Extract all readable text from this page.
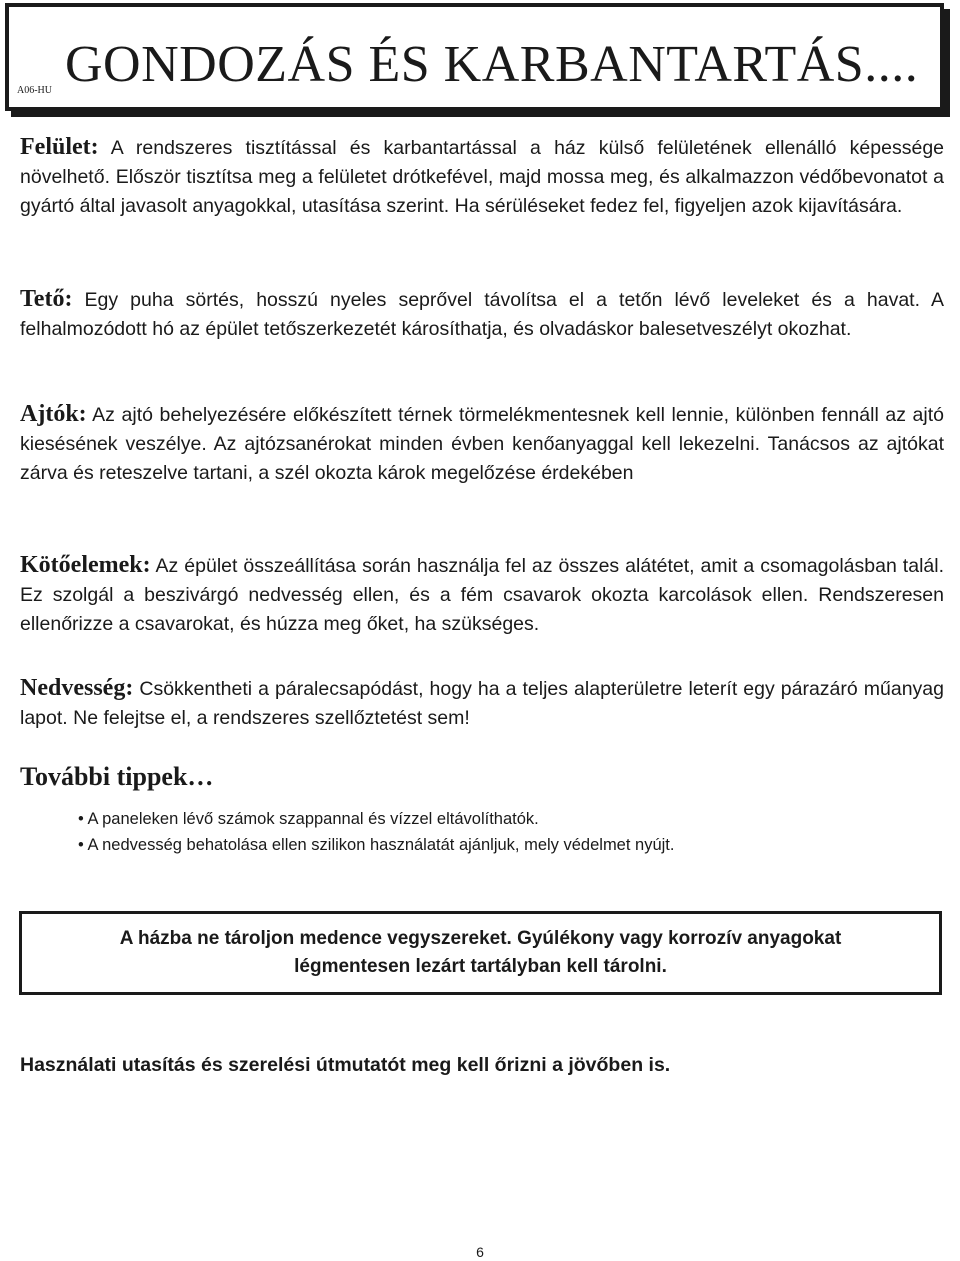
A06-HU GONDOZÁS ÉS KARBANTARTÁS....

Felület: A rendszeres tisztítással és karbantartással a ház külső felületének ellenálló képessége növelhető. Először tisztítsa meg a felületet drótkefével, majd mossa meg, és alkalmazzon védőbevonatot a gyártó által javasolt anyagokkal, utasítása szerint. Ha sérüléseket fedez fel, figyeljen azok kijavítására.

Tető: Egy puha sörtés, hosszú nyeles seprővel távolítsa el a tetőn lévő leveleket és a havat. A felhalmozódott hó az épület tetőszerkezetét károsíthatja, és olvadáskor balesetveszélyt okozhat.

Ajtók: Az ajtó behelyezésére előkészített térnek törmelékmentesnek kell lennie, különben fennáll az ajtó kiesésének veszélye. Az ajtózsanérokat minden évben kenőanyaggal kell lekezelni. Tanácsos az ajtókat zárva és reteszelve tartani, a szél okozta károk megelőzése érdekében

Kötőelemek: Az épület összeállítása során használja fel az összes alátétet, amit a csomagolásban talál. Ez szolgál a beszivárgó nedvesség ellen, és a fém csavarok okozta karcolások ellen. Rendszeresen ellenőrizze a csavarokat, és húzza meg őket, ha szükséges.

Nedvesség: Csökkentheti a páralecsapódást, hogy ha a teljes alapterületre leterít egy párazáró műanyag lapot. Ne felejtse el, a rendszeres szellőztetést sem!

További tippek…
• A paneleken lévő számok szappannal és vízzel eltávolíthatók.
• A nedvesség behatolása ellen szilikon használatát ajánljuk, mely védelmet nyújt.
A házba ne tároljon medence vegyszereket. Gyúlékony vagy korrozív anyagokat
légmentesen lezárt tartályban kell tárolni.

Használati utasítás és szerelési útmutatót meg kell őrizni a jövőben is.

6
